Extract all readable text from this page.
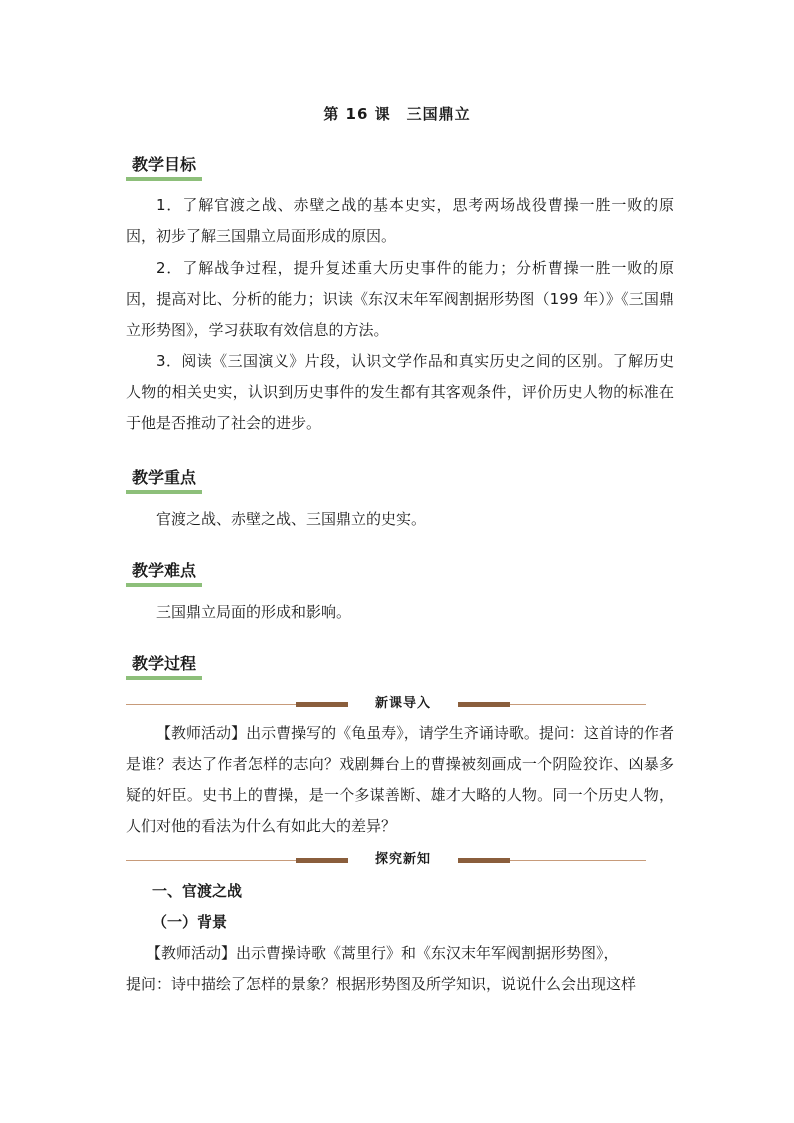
第 16 课　三国鼎立
教学目标
1．了解官渡之战、赤壁之战的基本史实，思考两场战役曹操一胜一败的原因，初步了解三国鼎立局面形成的原因。
2．了解战争过程，提升复述重大历史事件的能力；分析曹操一胜一败的原因，提高对比、分析的能力；识读《东汉末年军阀割据形势图（199 年）》《三国鼎立形势图》，学习获取有效信息的方法。
3．阅读《三国演义》片段，认识文学作品和真实历史之间的区别。了解历史人物的相关史实，认识到历史事件的发生都有其客观条件，评价历史人物的标准在于他是否推动了社会的进步。
教学重点
官渡之战、赤壁之战、三国鼎立的史实。
教学难点
三国鼎立局面的形成和影响。
教学过程
新课导入
【教师活动】出示曹操写的《龟虽寿》，请学生齐诵诗歌。提问：这首诗的作者是谁？表达了作者怎样的志向？戏剧舞台上的曹操被刻画成一个阴险狡诈、凶暴多疑的奸臣。史书上的曹操，是一个多谋善断、雄才大略的人物。同一个历史人物，人们对他的看法为什么有如此大的差异？
探究新知
一、官渡之战
（一）背景
【教师活动】出示曹操诗歌《蒿里行》和《东汉末年军阀割据形势图》，
提问：诗中描绘了怎样的景象？根据形势图及所学知识，说说什么会出现这样
